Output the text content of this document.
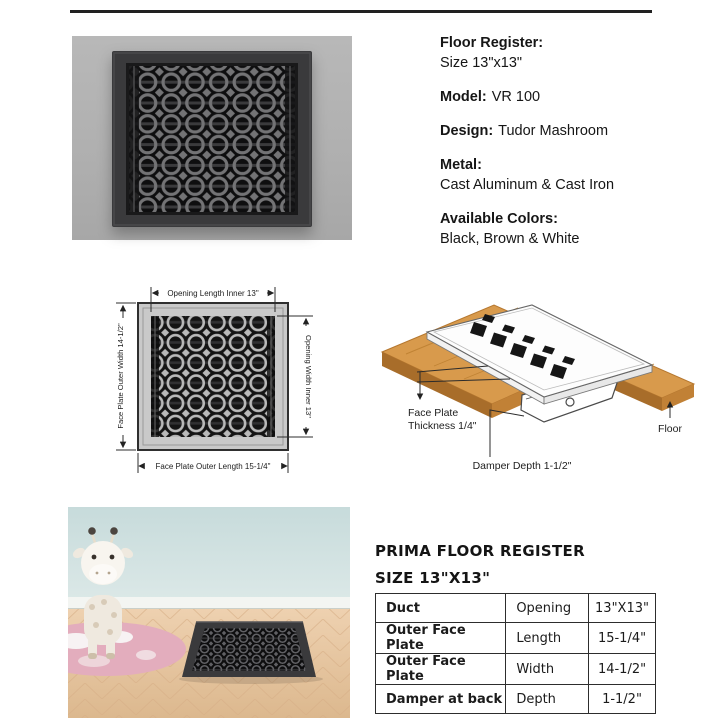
Floor Register:
Size 13"x13"
Model: VR 100
Design: Tudor Mashroom
Metal:
Cast Aluminum & Cast Iron
Available Colors:
Black, Brown & White
Opening Length Inner 13"
Face Plate Outer Length 15-1/4"
Face Plate Outer Width 14-1/2"	Opening Width Inner 13"	Face Plate
Thickness 1/4"	Floor
Damper Depth 1-1/2"
PRIMA FLOOR REGISTER
SIZE 13"X13"
Duct	Opening	13"X13"
Outer Face Plate	Length	15-1/4"
Outer Face Plate	Width	14-1/2"
Damper at back	Depth	1-1/2"
